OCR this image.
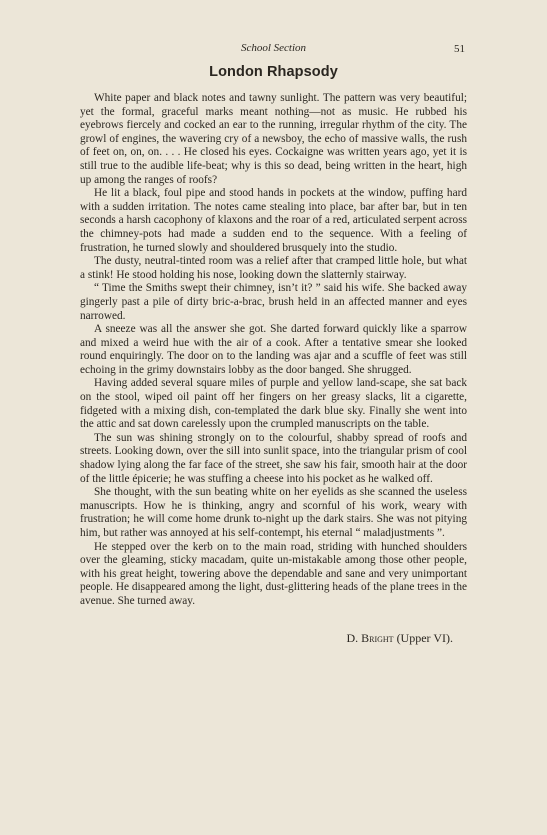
School Section	51
London Rhapsody

White paper and black notes and tawny sunlight. The pattern was very beautiful; yet the formal, graceful marks meant nothing—not as music. He rubbed his eyebrows fiercely and cocked an ear to the running, irregular rhythm of the city. The growl of engines, the wavering cry of a newsboy, the echo of massive walls, the rush of feet on, on, on. . . . He closed his eyes. Cockaigne was written years ago, yet it is still true to the audible life-beat; why is this so dead, being written in the heart, high up among the ranges of roofs?

He lit a black, foul pipe and stood hands in pockets at the window, puffing hard with a sudden irritation. The notes came stealing into place, bar after bar, but in ten seconds a harsh cacophony of klaxons and the roar of a red, articulated serpent across the chimney-pots had made a sudden end to the sequence. With a feeling of frustration, he turned slowly and shouldered brusquely into the studio.

The dusty, neutral-tinted room was a relief after that cramped little hole, but what a stink! He stood holding his nose, looking down the slatternly stairway.

“ Time the Smiths swept their chimney, isn’t it? ” said his wife. She backed away gingerly past a pile of dirty bric-a-brac, brush held in an affected manner and eyes narrowed.

A sneeze was all the answer she got. She darted forward quickly like a sparrow and mixed a weird hue with the air of a cook. After a tentative smear she looked round enquiringly. The door on to the landing was ajar and a scuffle of feet was still echoing in the grimy downstairs lobby as the door banged. She shrugged.

Having added several square miles of purple and yellow land-scape, she sat back on the stool, wiped oil paint off her fingers on her greasy slacks, lit a cigarette, fidgeted with a mixing dish, con-templated the dark blue sky. Finally she went into the attic and sat down carelessly upon the crumpled manuscripts on the table.

The sun was shining strongly on to the colourful, shabby spread of roofs and streets. Looking down, over the sill into sunlit space, into the triangular prism of cool shadow lying along the far face of the street, she saw his fair, smooth hair at the door of the little épicerie; he was stuffing a cheese into his pocket as he walked off.

She thought, with the sun beating white on her eyelids as she scanned the useless manuscripts. How he is thinking, angry and scornful of his work, weary with frustration; he will come home drunk to-night up the dark stairs. She was not pitying him, but rather was annoyed at his self-contempt, his eternal “ maladjustments ”.

He stepped over the kerb on to the main road, striding with hunched shoulders over the gleaming, sticky macadam, quite un-mistakable among those other people, with his great height, towering above the dependable and sane and very unimportant people. He disappeared among the light, dust-glittering heads of the plane trees in the avenue. She turned away.

D. Bright (Upper VI).
